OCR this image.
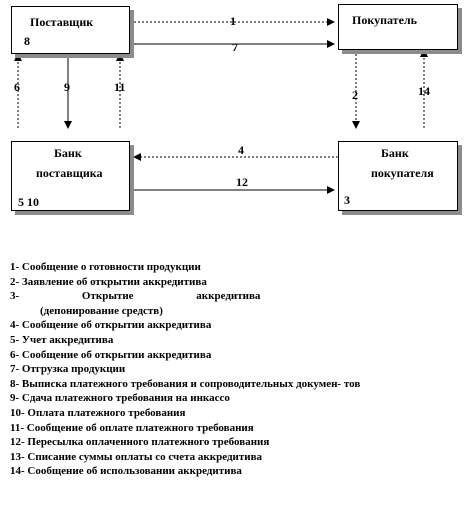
Поставщик
8
Покупатель
Банк
поставщика
5 10
Банк
покупателя
3
1
7
6	9	11
2	14
4
12
1- Сообщение о готовности продукции
2- Заявление об открытии аккредитива
3- Открытие аккредитива
(депонирование средств)
4- Сообщение об открытии аккредитива
5- Учет аккредитива
6- Сообщение об открытии аккредитива
7- Отгрузка продукции
8- Выписка платежного требования и сопроводительных докумен- тов
9- Сдача платежного требования на инкассо
10- Оплата платежного требования
11- Сообщение об оплате платежного требования
12- Пересылка оплаченного платежного требования
13- Списание суммы оплаты со счета аккредитива
14- Сообщение об использовании аккредитива
